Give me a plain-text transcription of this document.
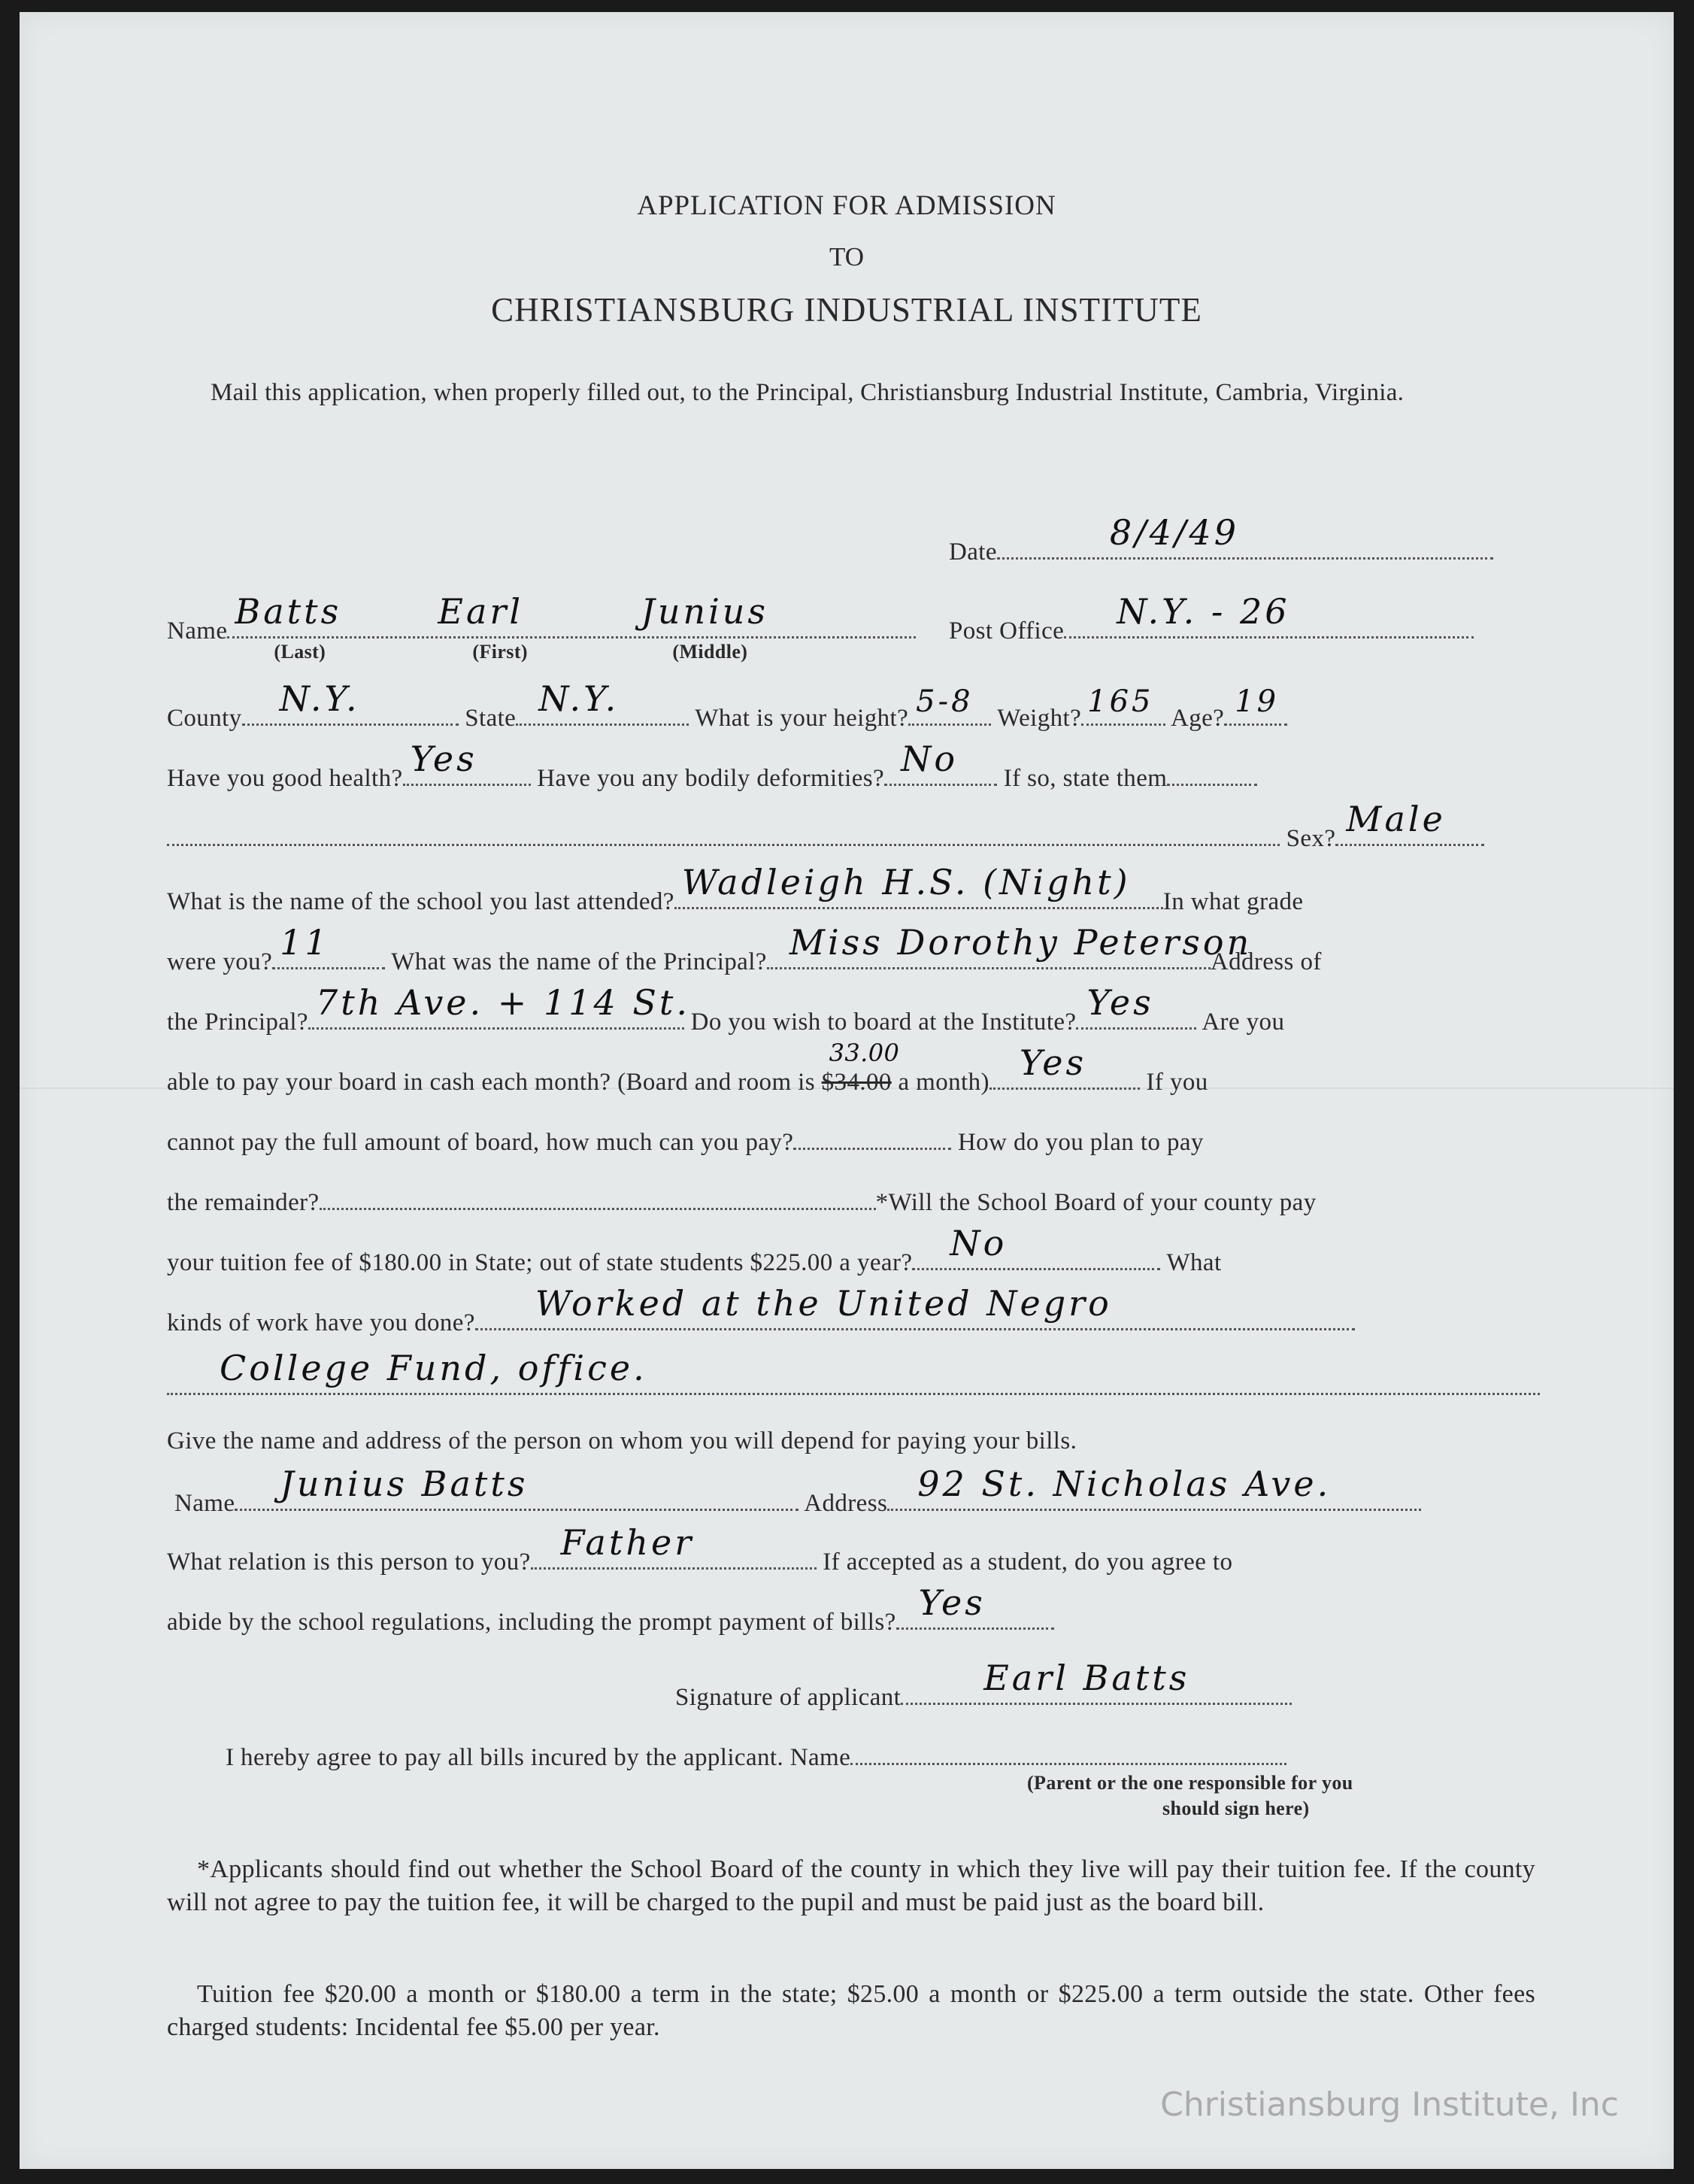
APPLICATION FOR ADMISSION
TO
CHRISTIANSBURG INDUSTRIAL INSTITUTE
Mail this application, when properly filled out, to the Principal, Christiansburg Industrial Institute, Cambria, Virginia.
Date	8/4/49
Name Batts	Earl	Junius
(Last)	(First)	(Middle)
Post Office N.Y. - 26
County N.Y.	State N.Y.	What is your height? 5-8 Weight? 165 Age? 19
Have you good health? Yes Have you any bodily deformities? No If so, state them
Sex? Male
What is the name of the school you last attended? Wadleigh H.S. (Night) In what grade
were you? 11 What was the name of the Principal? Miss Dorothy Peterson
Address of
the Principal? 7th Ave. + 114 St. Do you wish to board at the Institute? Yes Are you
able to pay your board in cash each month? (Board and room is $34.00
33.00
a month) Yes If you
cannot pay the full amount of board, how much can you pay?	How do you plan to pay
the remainder?	*Will the School Board of your county pay
your tuition fee of $180.00 in State; out of state students $225.00 a year? No	What
kinds of work have you done? Worked at the United Negro
College Fund, office.
Give the name and address of the person on whom you will depend for paying your bills.
Name Junius Batts	Address 92 St. Nicholas Ave.
What relation is this person to you? Father	If accepted as a student, do you agree to
abide by the school regulations, including the prompt payment of bills? Yes
Signature of applicant Earl Batts
I hereby agree to pay all bills incured by the applicant. Name
(Parent or the one responsible for you
should sign here)
*Applicants should find out whether the School Board of the county in which they live will pay their tuition fee. If the county will not agree to pay the tuition fee, it will be charged to the pupil and must be paid just as the board bill.
Tuition fee $20.00 a month or $180.00 a term in the state; $25.00 a month or $225.00 a term outside the state. Other fees charged students: Incidental fee $5.00 per year.
Christiansburg Institute, Inc
